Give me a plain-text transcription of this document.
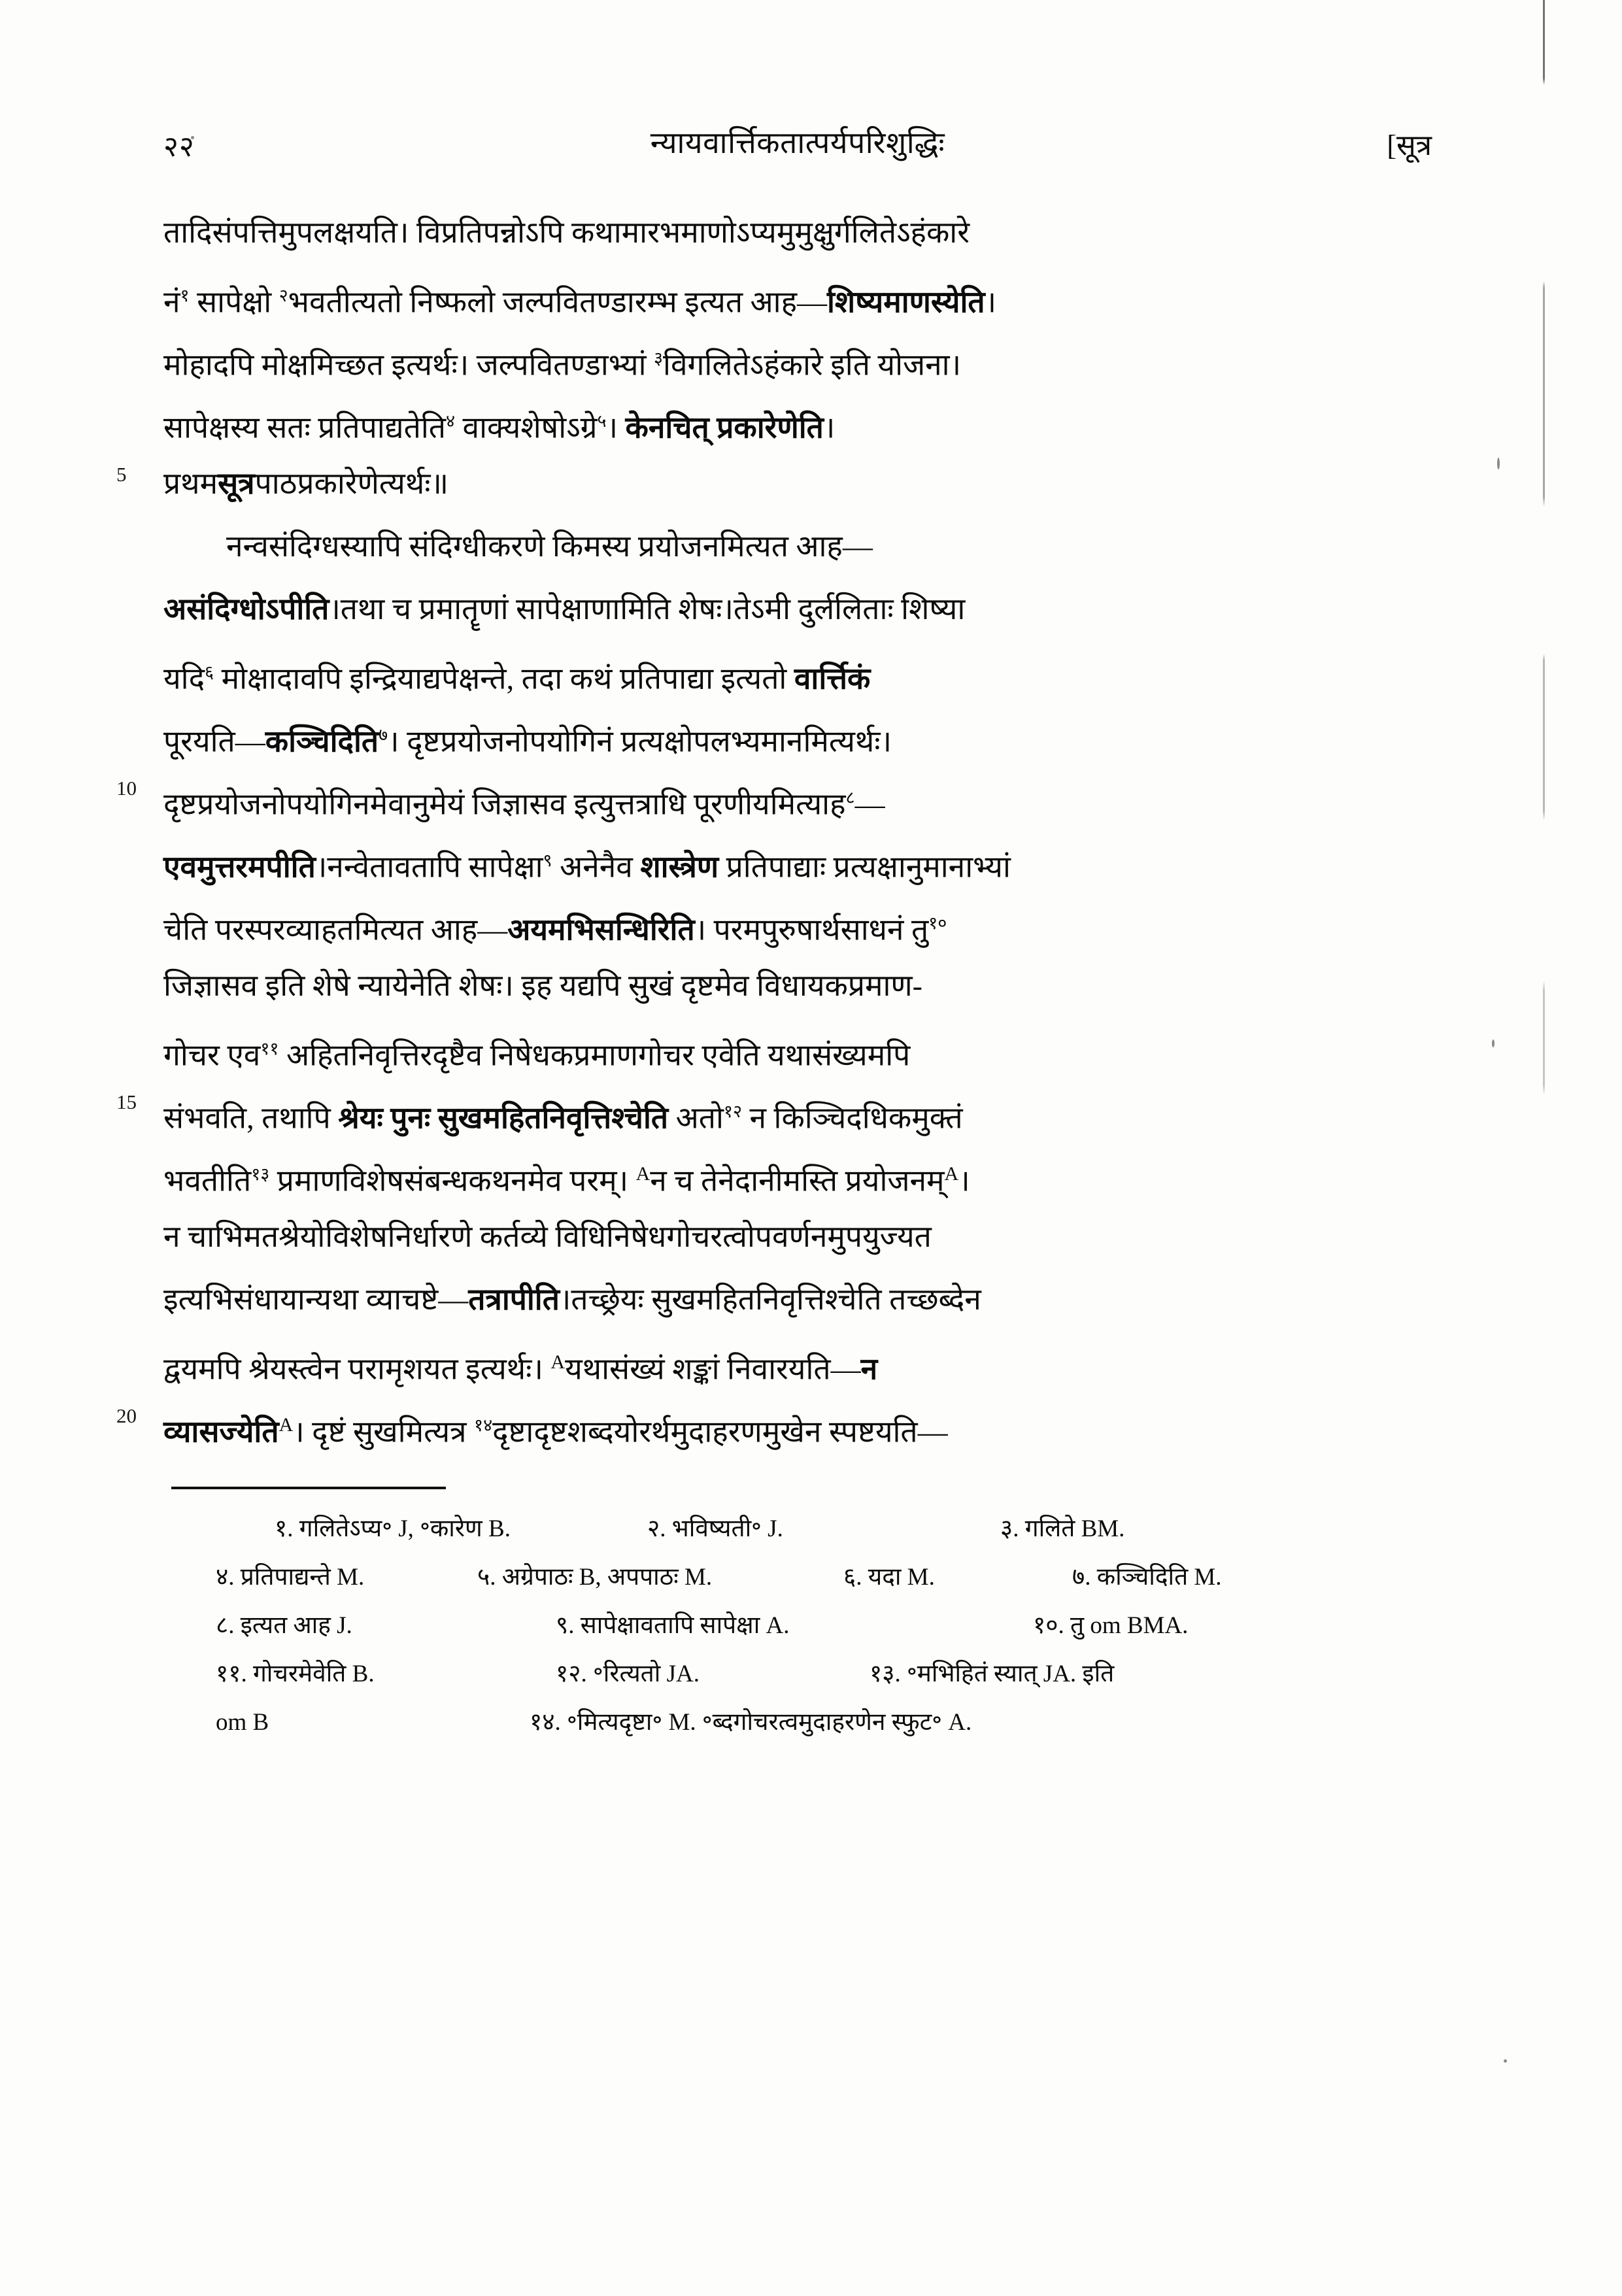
२२	न्यायवार्त्तिकतात्पर्यपरिशुद्धिः	[सूत्र
तादिसंपत्तिमुपलक्षयति। विप्रतिपन्नोऽपि कथामारभमाणोऽप्यमुमुक्षुर्गलितेऽहंकारे
नं$^१$ सापेक्षो $^२$भवतीत्यतो निष्फलो जल्पवितण्डारम्भ इत्यत आह—शिष्यमाणस्येति।
मोहादपि मोक्षमिच्छत इत्यर्थः। जल्पवितण्डाभ्यां $^३$विगलितेऽहंकारे इति योजना।
सापेक्षस्य सतः प्रतिपाद्यतेति$^४$ वाक्यशेषोऽग्रे$^५$। केनचित् प्रकारेणेति।
5 प्रथमसूत्रपाठप्रकारेणेत्यर्थः॥
नन्वसंदिग्धस्यापि संदिग्धीकरणे किमस्य प्रयोजनमित्यत आह—
असंदिग्धोऽपीति।तथा च प्रमातॄणां सापेक्षाणामिति शेषः।तेऽमी दुर्ललिताः शिष्या
यदि$^६$ मोक्षादावपि इन्द्रियाद्यपेक्षन्ते, तदा कथं प्रतिपाद्या इत्यतो वार्त्तिकं
पूरयति—कञ्चिदिति$^७$। दृष्टप्रयोजनोपयोगिनं प्रत्यक्षोपलभ्यमानमित्यर्थः।
10 दृष्टप्रयोजनोपयोगिनमेवानुमेयं जिज्ञासव इत्युत्तत्राधि पूरणीयमित्याह$^८$—
एवमुत्तरमपीति।नन्वेतावतापि सापेक्षा$^९$ अनेनैव शास्त्रेण प्रतिपाद्याः प्रत्यक्षानुमानाभ्यां
चेति परस्परव्याहतमित्यत आह—अयमभिसन्धिरिति। परमपुरुषार्थसाधनं तु$^{१०}$
जिज्ञासव इति शेषे न्यायेनेति शेषः। इह यद्यपि सुखं दृष्टमेव विधायकप्रमाण-
गोचर एव$^{११}$ अहितनिवृत्तिरदृष्टैव निषेधकप्रमाणगोचर एवेति यथासंख्यमपि
15 संभवति, तथापि श्रेयः पुनः सुखमहितनिवृत्तिश्चेति अतो$^{१२}$ न किञ्चिदधिकमुक्तं
भवतीति$^{१३}$ प्रमाणविशेषसंबन्धकथनमेव परम्। $^A$न च तेनेदानीमस्ति प्रयोजनम्$^A$।
न चाभिमतश्रेयोविशेषनिर्धारणे कर्तव्ये विधिनिषेधगोचरत्वोपवर्णनमुपयुज्यत
इत्यभिसंधायान्यथा व्याचष्टे—तत्रापीति।तच्छ्रेयः सुखमहितनिवृत्तिश्चेति तच्छब्देन
द्वयमपि श्रेयस्त्वेन परामृशयत इत्यर्थः। $^A$यथासंख्यं शङ्कां निवारयति—न
20 व्यासज्येति$^A$। दृष्टं सुखमित्यत्र $^{१४}$दृष्टादृष्टशब्दयोरर्थमुदाहरणमुखेन स्पष्टयति—
१. गलितेऽप्य॰ J, ॰कारेण B.	२. भविष्यती॰ J.	३. गलिते BM.
४. प्रतिपाद्यन्ते M.	५. अग्रेपाठः B, अपपाठः M.	६. यदा M.	७. कञ्चिदिति M.
८. इत्यत आह J.	९. सापेक्षावतापि सापेक्षा A.	१०. तु om BMA.
११. गोचरमेवेति B.	१२. ॰रित्यतो JA.	१३. ॰मभिहितं स्यात् JA. इति
om B	१४. ॰मित्यदृष्टा॰ M. ॰ब्दगोचरत्वमुदाहरणेन स्फुट॰ A.
